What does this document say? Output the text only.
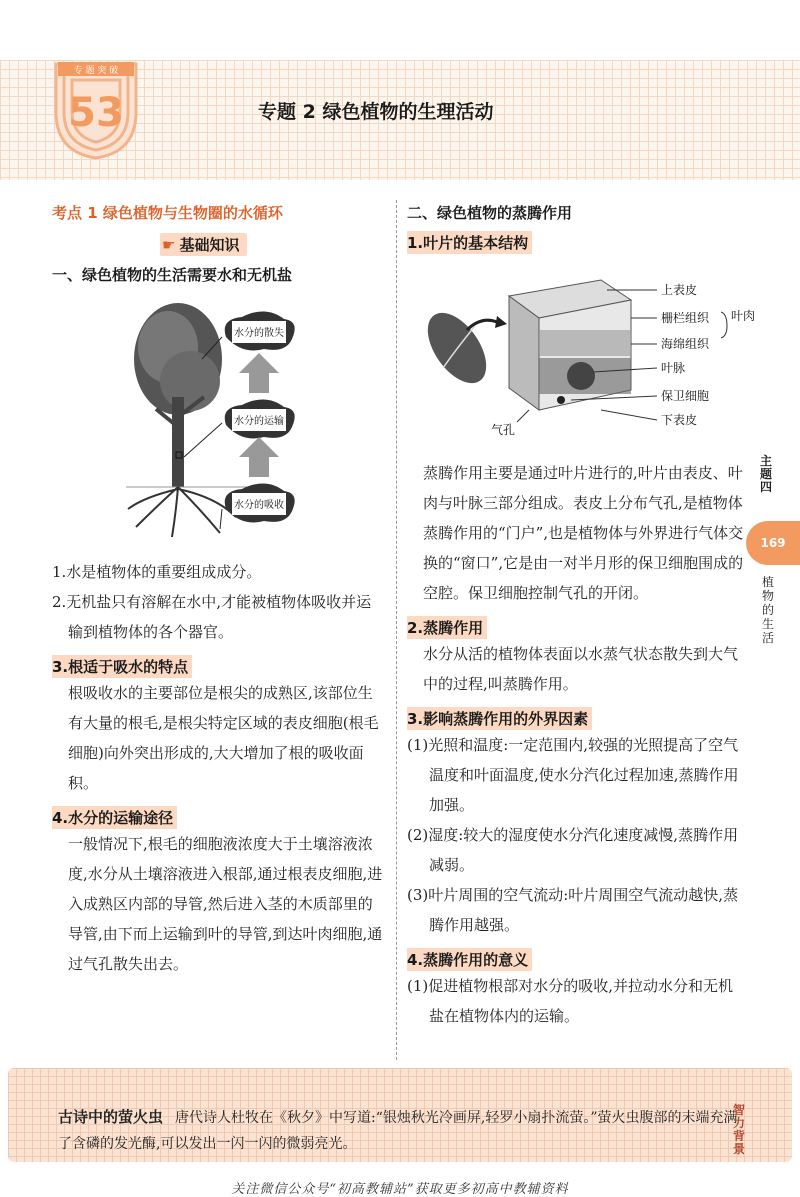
专 题 突 破
53	专题 2 绿色植物的生理活动
考点 1 绿色植物与生物圈的水循环
☛ 基础知识
一、绿色植物的生活需要水和无机盐
水分的散失
水分的运输
水分的吸收
1.水是植物体的重要组成成分。
2.无机盐只有溶解在水中,才能被植物体吸收并运输到植物体的各个器官。
3.根适于吸水的特点
根吸收水的主要部位是根尖的成熟区,该部位生有大量的根毛,是根尖特定区域的表皮细胞(根毛细胞)向外突出形成的,大大增加了根的吸收面积。
4.水分的运输途径
一般情况下,根毛的细胞液浓度大于土壤溶液浓度,水分从土壤溶液进入根部,通过根表皮细胞,进入成熟区内部的导管,然后进入茎的木质部里的导管,由下而上运输到叶的导管,到达叶肉细胞,通过气孔散失出去。
二、绿色植物的蒸腾作用
1.叶片的基本结构
上表皮
栅栏组织
海绵组织
叶肉
叶脉
保卫细胞
下表皮
气孔
蒸腾作用主要是通过叶片进行的,叶片由表皮、叶肉与叶脉三部分组成。表皮上分布气孔,是植物体蒸腾作用的“门户”,也是植物体与外界进行气体交换的“窗口”,它是由一对半月形的保卫细胞围成的空腔。保卫细胞控制气孔的开闭。
2.蒸腾作用
水分从活的植物体表面以水蒸气状态散失到大气中的过程,叫蒸腾作用。
3.影响蒸腾作用的外界因素
(1)光照和温度:一定范围内,较强的光照提高了空气温度和叶面温度,使水分汽化过程加速,蒸腾作用加强。
(2)湿度:较大的湿度使水分汽化速度减慢,蒸腾作用减弱。
(3)叶片周围的空气流动:叶片周围空气流动越快,蒸腾作用越强。
4.蒸腾作用的意义
(1)促进植物根部对水分的吸收,并拉动水分和无机盐在植物体内的运输。
主题四
169
植物的生活
古诗中的萤火虫 唐代诗人杜牧在《秋夕》中写道:“银烛秋光冷画屏,轻罗小扇扑流萤。”萤火虫腹部的末端充满了含磷的发光酶,可以发出一闪一闪的微弱亮光。
智力背景
关注微信公众号“初高教辅站”获取更多初高中教辅资料
